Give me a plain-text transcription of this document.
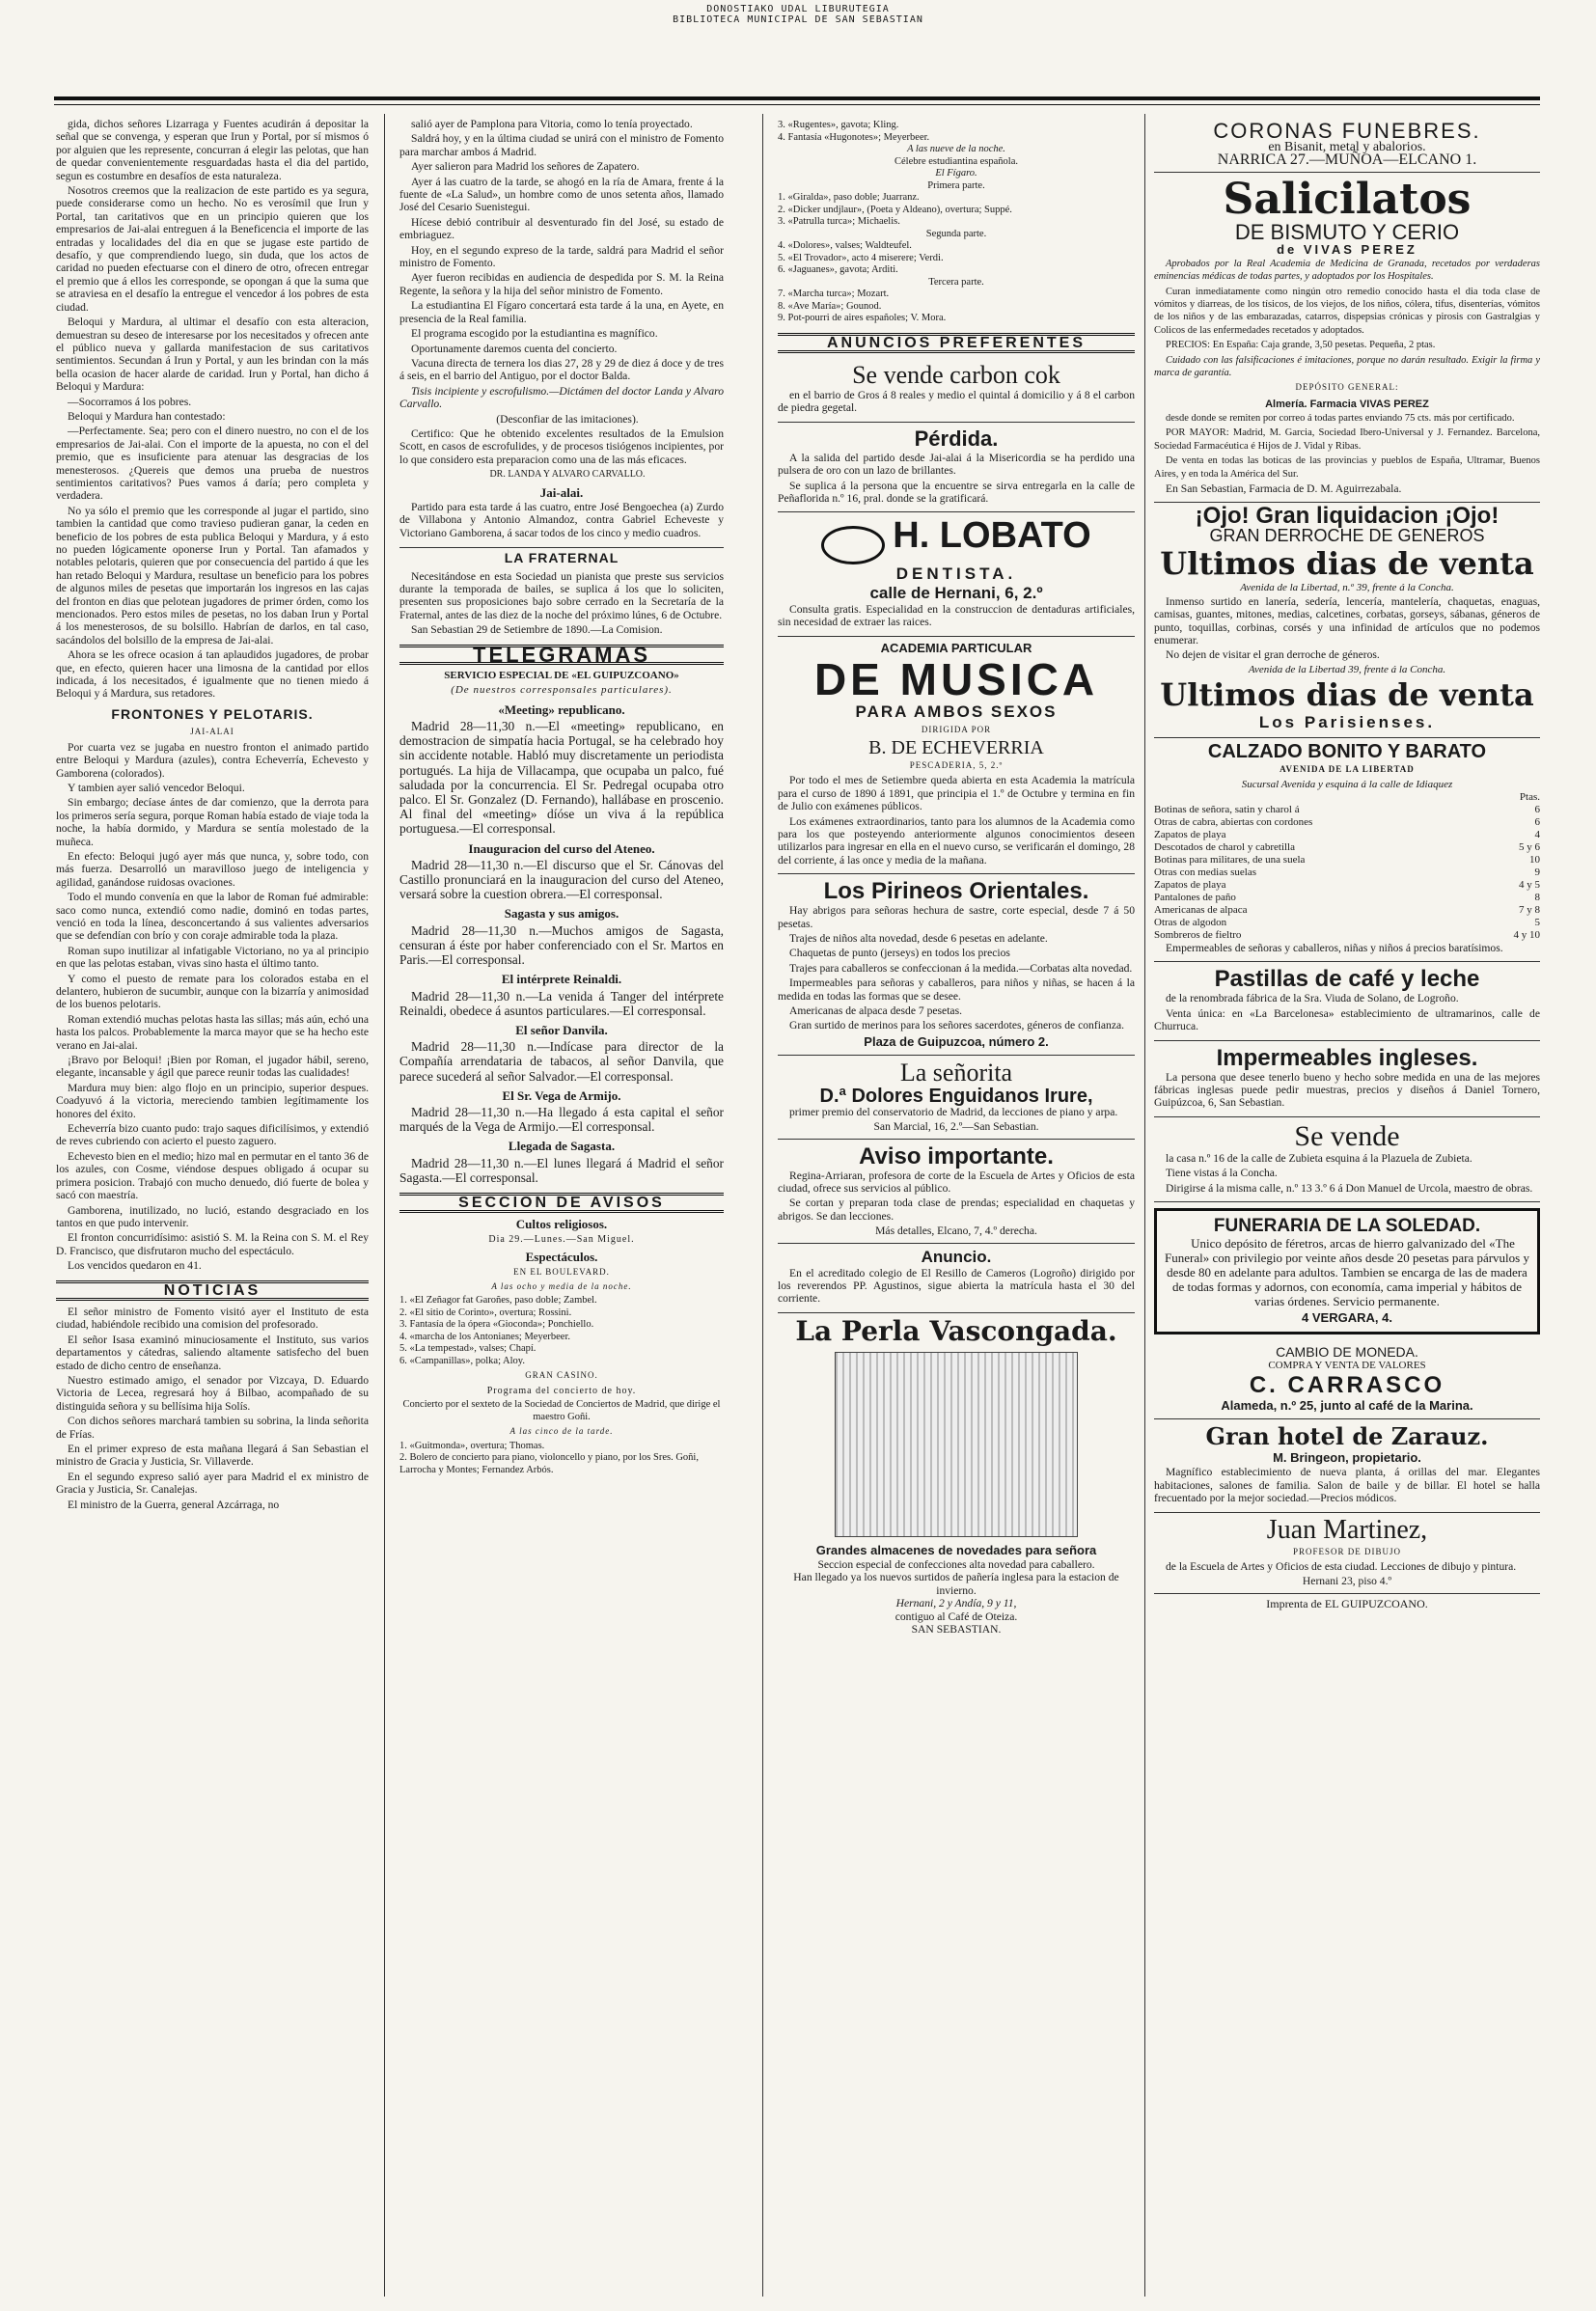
DONOSTIAKO UDAL LIBURUTEGIA
BIBLIOTECA MUNICIPAL DE SAN SEBASTIAN

gida, dichos señores Lizarraga y Fuentes acudirán á depositar la señal que se convenga, y esperan que Irun y Portal, por sí mismos ó por alguien que les represente, concurran á elegir las pelotas, que han de quedar convenientemente resguardadas hasta el dia del partido, segun es costumbre en desafíos de esta naturaleza.

Nosotros creemos que la realizacion de este partido es ya segura, puede considerarse como un hecho. No es verosímil que Irun y Portal, tan caritativos que en un principio quieren que los empresarios de Jai-alai entreguen á la Beneficencia el importe de las entradas y localidades del dia en que se jugase este partido de desafío, y que comprendiendo luego, sin duda, que los actos de caridad no pueden efectuarse con el dinero de otro, ofrecen entregar el premio que á ellos les corresponde, se opongan á que la suma que se atraviesa en el desafío la entregue el vencedor á los pobres de esta ciudad.

Beloqui y Mardura, al ultimar el desafío con esta alteracion, demuestran su deseo de interesarse por los necesitados y ofrecen ante el público nueva y gallarda manifestacion de sus caritativos sentimientos. Secundan á Irun y Portal, y aun les brindan con la más bella ocasion de hacer alarde de caridad. Irun y Portal, han dicho á Beloqui y Mardura:

—Socorramos á los pobres.

Beloqui y Mardura han contestado:

—Perfectamente. Sea; pero con el dinero nuestro, no con el de los empresarios de Jai-alai. Con el importe de la apuesta, no con el del premio, que es insuficiente para atenuar las desgracias de los menesterosos. ¿Quereis que demos una prueba de nuestros sentimientos caritativos? Pues vamos á daría; pero completa y verdadera.

No ya sólo el premio que les corresponde al jugar el partido, sino tambien la cantidad que como travieso pudieran ganar, la ceden en beneficio de los pobres de esta publica Beloqui y Mardura, y á esto no pueden lógicamente oponerse Irun y Portal. Tan afamados y notables pelotaris, quieren que por consecuencia del partido á que les han retado Beloqui y Mardura, resultase un beneficio para los pobres de algunos miles de pesetas que importarán los ingresos en las cajas del fronton en dias que pelotean jugadores de primer órden, como los mencionados. Pero estos miles de pesetas, no los daban Irun y Portal á los menesterosos, de su bolsillo. Habrían de darlos, en tal caso, sacándolos del bolsillo de la empresa de Jai-alai.

Ahora se les ofrece ocasion á tan aplaudidos jugadores, de probar que, en efecto, quieren hacer una limosna de la cantidad por ellos indicada, á los necesitados, é igualmente que no tienen miedo á Beloqui y á Mardura, sus retadores.

FRONTONES Y PELOTARIS.
JAI-ALAI

Por cuarta vez se jugaba en nuestro fronton el animado partido entre Beloqui y Mardura (azules), contra Echeverría, Echevesto y Gamborena (colorados).

Y tambien ayer salió vencedor Beloqui.

Sin embargo; decíase ántes de dar comienzo, que la derrota para los primeros sería segura, porque Roman había estado de viaje toda la noche, la había dormido, y Mardura se sentía molestado de la muñeca.

En efecto: Beloqui jugó ayer más que nunca, y, sobre todo, con más fuerza. Desarrolló un maravilloso juego de inteligencia y agilidad, ganándose ruidosas ovaciones.

Todo el mundo convenía en que la labor de Roman fué admirable: saco como nunca, extendió como nadie, dominó en todas partes, venció en toda la línea, desconcertando á sus valientes adversarios que se defendían con brío y con coraje admirable toda la plaza.

Roman supo inutilizar al infatigable Victoriano, no ya al principio en que las pelotas estaban, vivas sino hasta el último tanto.

Y como el puesto de remate para los colorados estaba en el delantero, hubieron de sucumbir, aunque con la bizarría y animosidad de los buenos pelotaris.

Roman extendió muchas pelotas hasta las sillas; más aún, echó una hasta los palcos. Probablemente la marca mayor que se ha hecho este verano en Jai-alai.

¡Bravo por Beloqui! ¡Bien por Roman, el jugador hábil, sereno, elegante, incansable y ágil que parece reunir todas las cualidades!

Mardura muy bien: algo flojo en un principio, superior despues. Coadyuvó á la victoria, mereciendo tambien legítimamente los honores del éxito.

Echeverría bizo cuanto pudo: trajo saques dificilísimos, y extendió de reves cubriendo con acierto el puesto zaguero.

Echevesto bien en el medio; hizo mal en permutar en el tanto 36 de los azules, con Cosme, viéndose despues obligado á ocupar su primera posicion. Trabajó con mucho denuedo, dió fuerte de bolea y sacó con maestría.

Gamborena, inutilizado, no lució, estando desgraciado en los tantos en que pudo intervenir.

El fronton concurridísimo: asistió S. M. la Reina con S. M. el Rey D. Francisco, que disfrutaron mucho del espectáculo.

Los vencidos quedaron en 41.

NOTICIAS

El señor ministro de Fomento visitó ayer el Instituto de esta ciudad, habiéndole recibido una comision del profesorado.

El señor Isasa examinó minuciosamente el Instituto, sus varios departamentos y cátedras, saliendo altamente satisfecho del buen estado de dicho centro de enseñanza.

Nuestro estimado amigo, el senador por Vizcaya, D. Eduardo Victoria de Lecea, regresará hoy á Bilbao, acompañado de su distinguida señora y su bellísima hija Solís.

Con dichos señores marchará tambien su sobrina, la linda señorita de Frías.

En el primer expreso de esta mañana llegará á San Sebastian el ministro de Gracia y Justicia, Sr. Villaverde.

En el segundo expreso salió ayer para Madrid el ex ministro de Gracia y Justicia, Sr. Canalejas.

El ministro de la Guerra, general Azcárraga, no

salió ayer de Pamplona para Vitoria, como lo tenía proyectado.

Saldrá hoy, y en la última ciudad se unirá con el ministro de Fomento para marchar ambos á Madrid.

Ayer salieron para Madrid los señores de Zapatero.

Ayer á las cuatro de la tarde, se ahogó en la ría de Amara, frente á la fuente de «La Salud», un hombre como de unos setenta años, llamado José del Cesario Suenistegui.

Hícese debió contribuir al desventurado fin del José, su estado de embriaguez.

Hoy, en el segundo expreso de la tarde, saldrá para Madrid el señor ministro de Fomento.

Ayer fueron recibidas en audiencia de despedida por S. M. la Reina Regente, la señora y la hija del señor ministro de Fomento.

La estudiantina El Fígaro concertará esta tarde á la una, en Ayete, en presencia de la Real familia.

El programa escogido por la estudiantina es magnífico.

Oportunamente daremos cuenta del concierto.

Vacuna directa de ternera los dias 27, 28 y 29 de diez á doce y de tres á seis, en el barrio del Antiguo, por el doctor Balda.

Tisis incipiente y escrofulismo.—Dictámen del doctor Landa y Alvaro Carvallo.

(Desconfiar de las imitaciones).

Certifico: Que he obtenido excelentes resultados de la Emulsion Scott, en casos de escrofulides, y de procesos tisiógenos incipientes, por lo que considero esta preparacion como una de las más eficaces.

DR. LANDA Y ALVARO CARVALLO.

Jai-alai.

Partido para esta tarde á las cuatro, entre José Bengoechea (a) Zurdo de Villabona y Antonio Almandoz, contra Gabriel Echeveste y Victoriano Gamborena, á sacar todos de los cinco y medio cuadros.

LA FRATERNAL

Necesitándose en esta Sociedad un pianista que preste sus servicios durante la temporada de bailes, se suplica á los que lo soliciten, presenten sus proposiciones bajo sobre cerrado en la Secretaría de la Fraternal, antes de las diez de la noche del próximo lúnes, 6 de Octubre.

San Sebastian 29 de Setiembre de 1890.—La Comision.

TELEGRAMAS
SERVICIO ESPECIAL DE «EL GUIPUZCOANO»
(De nuestros corresponsales particulares).
«Meeting» republicano.

Madrid 28—11,30 n.—El «meeting» republicano, en demostracion de simpatía hacia Portugal, se ha celebrado hoy sin accidente notable. Habló muy discretamente un periodista portugués. La hija de Villacampa, que ocupaba un palco, fué saludada por la concurrencia. El Sr. Pedregal ocupaba otro palco. El Sr. Gonzalez (D. Fernando), hallábase en proscenio. Al final del «meeting» díóse un viva á la república portuguesa.—El corresponsal.

Inauguracion del curso del Ateneo.

Madrid 28—11,30 n.—El discurso que el Sr. Cánovas del Castillo pronunciará en la inauguracion del curso del Ateneo, versará sobre la cuestion obrera.—El corresponsal.

Sagasta y sus amigos.

Madrid 28—11,30 n.—Muchos amigos de Sagasta, censuran á éste por haber conferenciado con el Sr. Martos en Paris.—El corresponsal.

El intérprete Reinaldi.

Madrid 28—11,30 n.—La venida á Tanger del intérprete Reinaldi, obedece á asuntos particulares.—El corresponsal.

El señor Danvila.

Madrid 28—11,30 n.—Indícase para director de la Compañía arrendataria de tabacos, al señor Danvila, que parece sucederá al señor Salvador.—El corresponsal.

El Sr. Vega de Armijo.

Madrid 28—11,30 n.—Ha llegado á esta capital el señor marqués de la Vega de Armijo.—El corresponsal.

Llegada de Sagasta.

Madrid 28—11,30 n.—El lunes llegará á Madrid el señor Sagasta.—El corresponsal.

SECCION DE AVISOS
Cultos religiosos.
Dia 29.—Lunes.—San Miguel.
Espectáculos.
EN EL BOULEVARD.
A las ocho y media de la noche.
1. «El Zeñagor fat Garoñes, paso doble; Zambel.
2. «El sitio de Corinto», overtura; Rossini.
3. Fantasía de la ópera «Gioconda»; Ponchiello.
4. «marcha de los Antonianes; Meyerbeer.
5. «La tempestad», valses; Chapí.
6. «Campanillas», polka; Aloy.
GRAN CASINO.
Programa del concierto de hoy.
Concierto por el sexteto de la Sociedad de Conciertos de Madrid, que dirige el maestro Goñi.
A las cinco de la tarde.
1. «Guitmonda», overtura; Thomas.
2. Bolero de concierto para piano, violoncello y piano, por los Sres. Goñi, Larrocha y Montes; Fernandez Arbós.
3. «Rugentes», gavota; Kling.
4. Fantasía «Hugonotes»; Meyerbeer.
A las nueve de la noche.
Célebre estudiantina española.
El Fígaro.
Primera parte.
1. «Giralda», paso doble; Juarranz.
2. «Dicker undjlaur», (Poeta y Aldeano), overtura; Suppé.
3. «Patrulla turca»; Michaelis.
Segunda parte.
4. «Dolores», valses; Waldteufel.
5. «El Trovador», acto 4 miserere; Verdi.
6. «Jaguanes», gavota; Arditi.
Tercera parte.
7. «Marcha turca»; Mozart.
8. «Ave María»; Gounod.
9. Pot-pourri de aires españoles; V. Mora.
ANUNCIOS PREFERENTES
Se vende carbon cok

en el barrio de Gros á 8 reales y medio el quintal á domicilio y á 8 el carbon de piedra gegetal.

Pérdida.

A la salida del partido desde Jai-alai á la Misericordia se ha perdido una pulsera de oro con un lazo de brillantes.

Se suplica á la persona que la encuentre se sirva entregarla en la calle de Peñaflorida n.º 16, pral. donde se la gratificará.

H. LOBATO
DENTISTA.
calle de Hernani, 6, 2.º

Consulta gratis. Especialidad en la construccion de dentaduras artificiales, sin necesidad de extraer las raices.

ACADEMIA PARTICULAR
DE MUSICA
PARA AMBOS SEXOS
DIRIGIDA POR
B. DE ECHEVERRIA
PESCADERIA, 5, 2.º

Por todo el mes de Setiembre queda abierta en esta Academia la matrícula para el curso de 1890 á 1891, que principia el 1.º de Octubre y termina en fin de Julio con exámenes públicos.

Los exámenes extraordinarios, tanto para los alumnos de la Academia como para los que posteyendo anteriormente algunos conocimientos deseen utilizarlos para ingresar en ella en el nuevo curso, se verificarán el domingo, 28 del corriente, á las once y media de la mañana.

Los Pirineos Orientales.

Hay abrigos para señoras hechura de sastre, corte especial, desde 7 á 50 pesetas.

Trajes de niños alta novedad, desde 6 pesetas en adelante.

Chaquetas de punto (jerseys) en todos los precios

Trajes para caballeros se confeccionan á la medida.—Corbatas alta novedad.

Impermeables para señoras y caballeros, para niños y niñas, se hacen á la medida en todas las formas que se desee.

Americanas de alpaca desde 7 pesetas.

Gran surtido de merinos para los señores sacerdotes, géneros de confianza.

Plaza de Guipuzcoa, número 2.
La señorita
D.ª Dolores Enguidanos Irure,

primer premio del conservatorio de Madrid, da lecciones de piano y arpa.

San Marcial, 16, 2.º—San Sebastian.
Aviso importante.

Regina-Arriaran, profesora de corte de la Escuela de Artes y Oficios de esta ciudad, ofrece sus servicios al público.

Se cortan y preparan toda clase de prendas; especialidad en chaquetas y abrigos. Se dan lecciones.

Más detalles, Elcano, 7, 4.º derecha.
Anuncio.

En el acreditado colegio de El Resillo de Cameros (Logroño) dirigido por los reverendos PP. Agustinos, sigue abierta la matrícula hasta el 30 del corriente.

La Perla Vascongada.
Grandes almacenes de novedades para señora
Seccion especial de confecciones alta novedad para caballero.
Han llegado ya los nuevos surtidos de pañería inglesa para la estacion de invierno.
Hernani, 2 y Andía, 9 y 11,
contiguo al Café de Oteiza.
SAN SEBASTIAN.
CORONAS FUNEBRES.
en Bisanit, metal y abalorios.
NARRICA 27.—MUÑOA—ELCANO 1.
Salicilatos
DE BISMUTO Y CERIO
de VIVAS PEREZ

Aprobados por la Real Academia de Medicina de Granada, recetados por verdaderas eminencias médicas de todas partes, y adoptados por los Hospitales.

Curan inmediatamente como ningún otro remedio conocido hasta el dia toda clase de vómitos y diarreas, de los tísicos, de los viejos, de los niños, cólera, tifus, disenterías, vómitos de los niños y de las embarazadas, catarros, dispepsias crónicas y pirosis con Gastralgias y Colicos de las enfermedades recetados y adoptados.

PRECIOS: En España: Caja grande, 3,50 pesetas. Pequeña, 2 ptas.

Cuidado con las falsificaciones é imitaciones, porque no darán resultado. Exigir la firma y marca de garantía.

DEPÓSITO GENERAL:
Almería. Farmacia VIVAS PEREZ

desde donde se remiten por correo á todas partes enviando 75 cts. más por certificado.

POR MAYOR: Madrid, M. Garcia, Sociedad Ibero-Universal y J. Fernandez. Barcelona, Sociedad Farmacéutica é Hijos de J. Vidal y Ribas.

De venta en todas las boticas de las provincias y pueblos de España, Ultramar, Buenos Aires, y en toda la América del Sur.

En San Sebastian, Farmacia de D. M. Aguirrezabala.

¡Ojo! Gran liquidacion ¡Ojo!
GRAN DERROCHE DE GENEROS
Ultimos dias de venta
Avenida de la Libertad, n.º 39, frente á la Concha.

Inmenso surtido en lanería, sedería, lencería, mantelería, chaquetas, enaguas, camisas, guantes, mitones, medias, calcetines, corbatas, gorseys, sábanas, géneros de punto, toquillas, corbinas, corsés y una infinidad de artículos que no podemos enumerar.

No dejen de visitar el gran derroche de géneros.

Avenida de la Libertad 39, frente á la Concha.
Ultimos dias de venta
Los Parisienses.
CALZADO BONITO Y BARATO
AVENIDA DE LA LIBERTAD
Sucursal Avenida y esquina á la calle de Idiaquez
Ptas.
Botinas de señora, satin y charol á	6
Otras de cabra, abiertas con cordones	6
Zapatos de playa	4
Descotados de charol y cabretilla	5 y 6
Botinas para militares, de una suela	10
Otras con medias suelas	9
Zapatos de playa	4 y 5
Pantalones de paño	8
Americanas de alpaca	7 y 8
Otras de algodon	5
Sombreros de fieltro	4 y 10

Empermeables de señoras y caballeros, niñas y niños á precios baratísimos.

Pastillas de café y leche

de la renombrada fábrica de la Sra. Viuda de Solano, de Logroño.

Venta única: en «La Barcelonesa» establecimiento de ultramarinos, calle de Churruca.

Impermeables ingleses.

La persona que desee tenerlo bueno y hecho sobre medida en una de las mejores fábricas inglesas puede pedir muestras, precios y diseños á Daniel Tornero, Guipúzcoa, 6, San Sebastian.

Se vende

la casa n.º 16 de la calle de Zubieta esquina á la Plazuela de Zubieta.

Tiene vistas á la Concha.

Dirigirse á la misma calle, n.º 13 3.º 6 á Don Manuel de Urcola, maestro de obras.

FUNERARIA DE LA SOLEDAD.

Unico depósito de féretros, arcas de hierro galvanizado del «The Funeral» con privilegio por veinte años desde 20 pesetas para párvulos y desde 80 en adelante para adultos. Tambien se encarga de las de madera de todas formas y adornos, con economía, cama imperial y hábitos de varias órdenes. Servicio permanente.

4 VERGARA, 4.
CAMBIO DE MONEDA.
COMPRA Y VENTA DE VALORES
C. CARRASCO
Alameda, n.º 25, junto al café de la Marina.
Gran hotel de Zarauz.
M. Bringeon, propietario.

Magnífico establecimiento de nueva planta, á orillas del mar. Elegantes habitaciones, salones de familia. Salon de baile y de billar. El hotel se halla frecuentado por la mejor sociedad.—Precios módicos.

Juan Martinez,
PROFESOR DE DIBUJO

de la Escuela de Artes y Oficios de esta ciudad. Lecciones de dibujo y pintura.

Hernani 23, piso 4.º
Imprenta de EL GUIPUZCOANO.
